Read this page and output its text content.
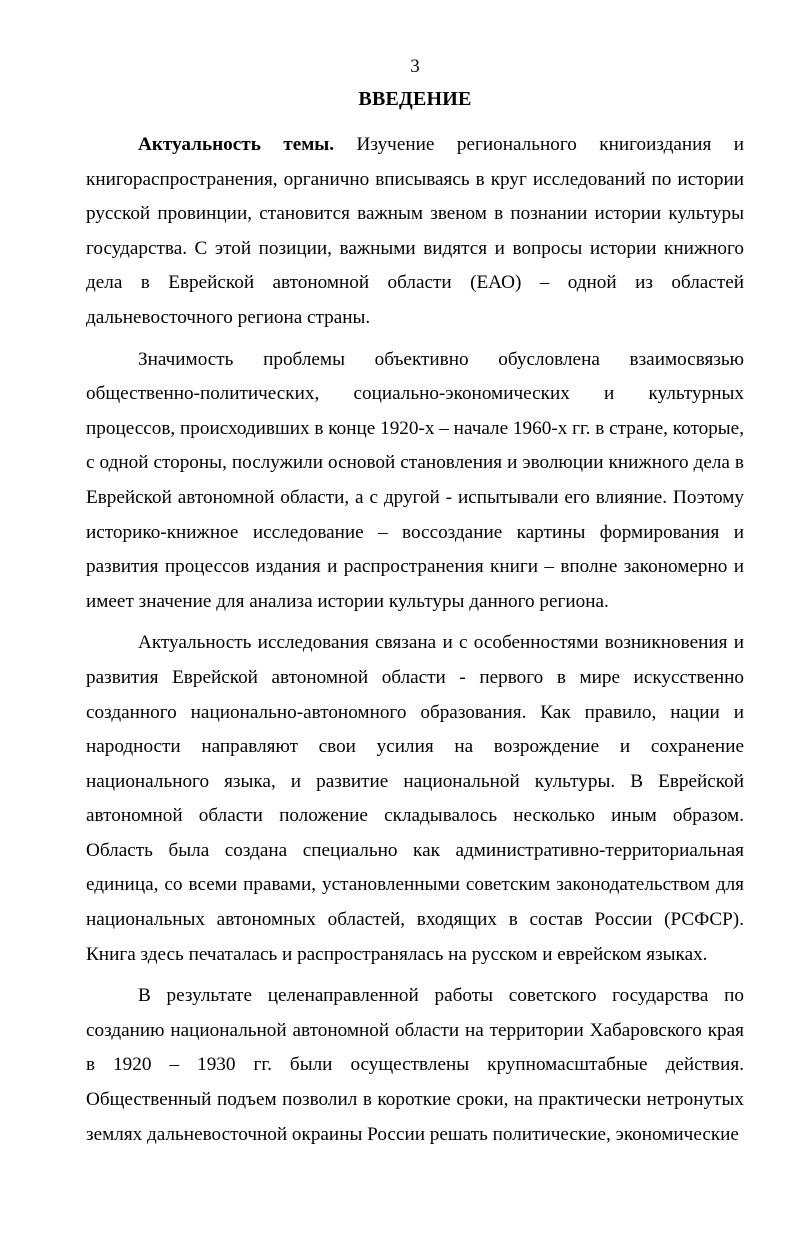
3
ВВЕДЕНИЕ

Актуальность темы. Изучение регионального книгоиздания и книгораспространения, органично вписываясь в круг исследований по истории русской провинции, становится важным звеном в познании истории культуры государства. С этой позиции, важными видятся и вопросы истории книжного дела в Еврейской автономной области (ЕАО) – одной из областей дальневосточного региона страны.

Значимость проблемы объективно обусловлена взаимосвязью общественно-политических, социально-экономических и культурных процессов, происходивших в конце 1920-х – начале 1960-х гг. в стране, которые, с одной стороны, послужили основой становления и эволюции книжного дела в Еврейской автономной области, а с другой - испытывали его влияние. Поэтому историко-книжное исследование – воссоздание картины формирования и развития процессов издания и распространения книги – вполне закономерно и имеет значение для анализа истории культуры данного региона.

Актуальность исследования связана и с особенностями возникновения и развития Еврейской автономной области - первого в мире искусственно созданного национально-автономного образования. Как правило, нации и народности направляют свои усилия на возрождение и сохранение национального языка, и развитие национальной культуры. В Еврейской автономной области положение складывалось несколько иным образом. Область была создана специально как административно-территориальная единица, со всеми правами, установленными советским законодательством для национальных автономных областей, входящих в состав России (РСФСР). Книга здесь печаталась и распространялась на русском и еврейском языках.

В результате целенаправленной работы советского государства по созданию национальной автономной области на территории Хабаровского края в 1920 – 1930 гг. были осуществлены крупномасштабные действия. Общественный подъем позволил в короткие сроки, на практически нетронутых землях дальневосточной окраины России решать политические, экономические
